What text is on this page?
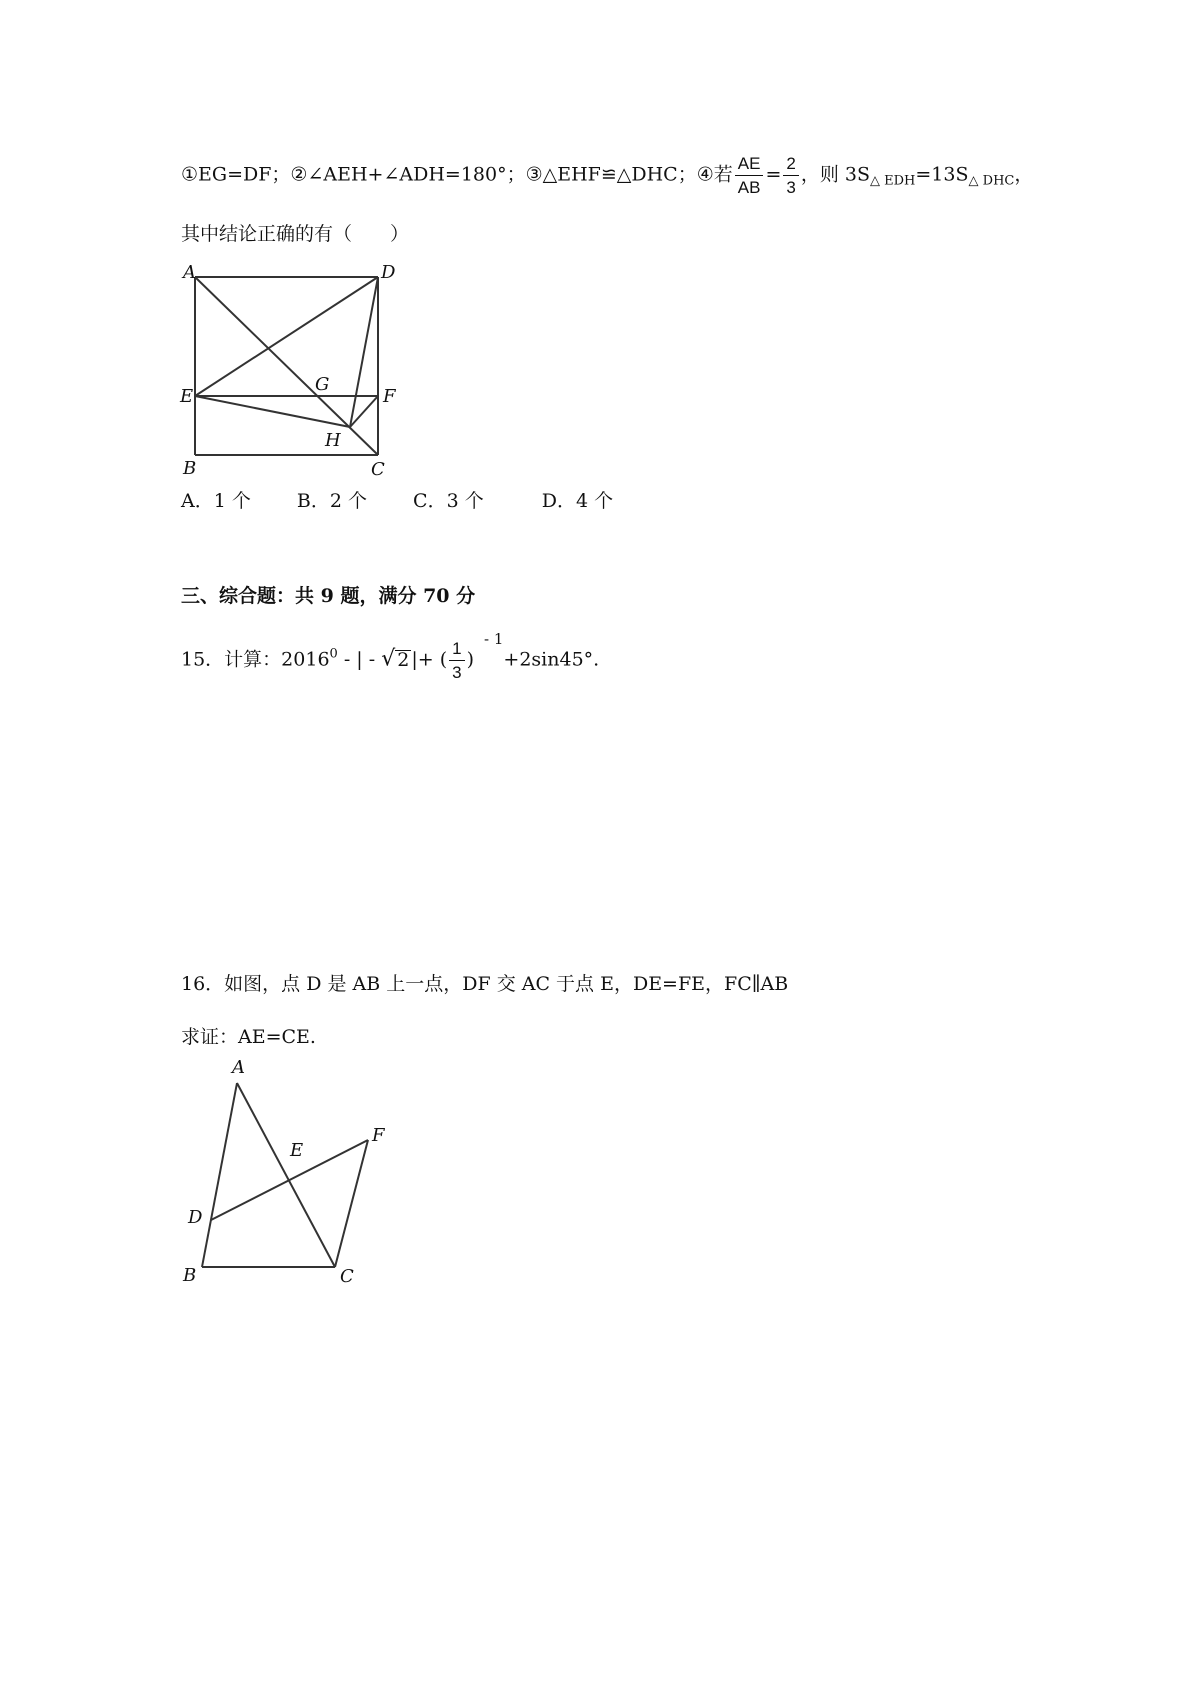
①EG=DF；②∠AEH+∠ADH=180°；③△EHF≌△DHC；④若 $\frac{AE}{AB} = \frac{2}{3}$ ，则 $3S_{\triangle EDH}=13S_{\triangle DHC}$，
其中结论正确的有（　　）
A	D
E
G
F
H
B	C
A．1 个 B．2 个 C．3 个	D．4 个
三、综合题：共 9 题，满分 70 分
15．计算：2016$^0$ - | - √ 2 |+ ( $\frac{1}{3} )^{- 1}+2\sin 45^\circ$.
16．如图，点 D 是 AB 上一点，DF 交 AC 于点 E，DE=FE，FC∥AB
求证：AE=CE.
A
E
F
D
B	C
